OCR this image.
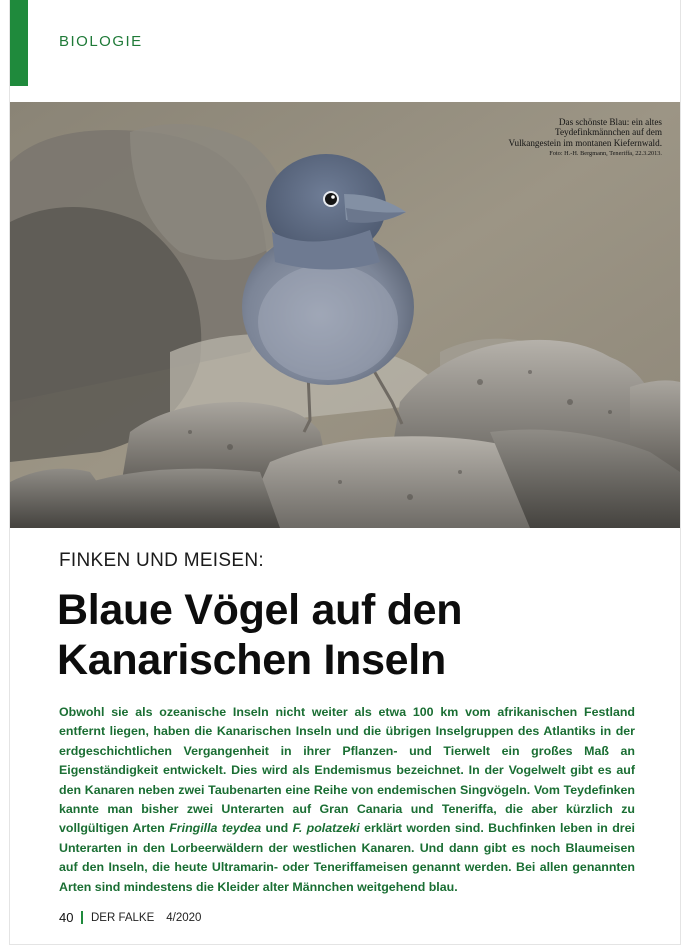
BIOLOGIE
Das schönste Blau: ein altes Teydefinkmännchen auf dem Vulkangestein im montanen Kiefernwald.
Foto: H.-H. Bergmann, Teneriffa, 22.3.2013.
FINKEN UND MEISEN:
Blaue Vögel auf den
Kanarischen Inseln
Obwohl sie als ozeanische Inseln nicht weiter als etwa 100 km vom afrikanischen Festland entfernt liegen, haben die Kanarischen Inseln und die übrigen Inselgruppen des Atlantiks in der erdgeschichtlichen Vergangenheit in ihrer Pflanzen- und Tierwelt ein großes Maß an Eigenständigkeit entwickelt. Dies wird als Endemismus bezeichnet. In der Vogelwelt gibt es auf den Kanaren neben zwei Taubenarten eine Reihe von endemischen Singvögeln. Vom Teydefinken kannte man bisher zwei Unterarten auf Gran Canaria und Teneriffa, die aber kürzlich zu vollgültigen Arten Fringilla teydea und F. polatzeki erklärt worden sind. Buchfinken leben in drei Unterarten in den Lorbeerwäldern der westlichen Kanaren. Und dann gibt es noch Blaumeisen auf den Inseln, die heute Ultramarin- oder Teneriffameisen genannt werden. Bei allen genannten Arten sind mindestens die Kleider alter Männchen weitgehend blau.
40 DER FALKE 4/2020
